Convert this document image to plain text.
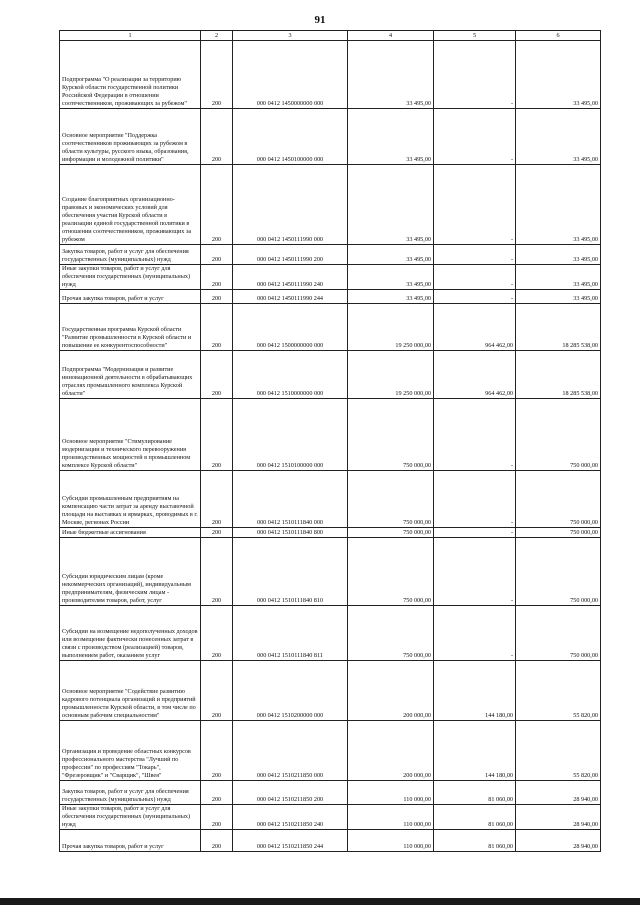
91
1	2	3	4	5	6
Подпрограмма "О реализации за территорию Курской области государственной политики Российской Федерации в отношении соотечественников, проживающих за рубежом"	200	000 0412 1450000000 000	33 495,00	-	33 495,00
Основное мероприятие "Поддержка соотечественников проживающих за рубежом в области культуры, русского языка, образования, информации и молодежной политики"	200	000 0412 1450100000 000	33 495,00	-	33 495,00
Создание благоприятных организационно-правовых и экономических условий для обеспечения участия Курской области в реализации единой государственной политики в отношении соотечественников, проживающих за рубежом	200	000 0412 1450111990 000	33 495,00	-	33 495,00
Закупка товаров, работ и услуг для обеспечения государственных (муниципальных) нужд	200	000 0412 1450111990 200	33 495,00	-	33 495,00
Иные закупки товаров, работ и услуг для обеспечения государственных (муниципальных) нужд	200	000 0412 1450111990 240	33 495,00	-	33 495,00
Прочая закупка товаров, работ и услуг	200	000 0412 1450111990 244	33 495,00	-	33 495,00
Государственная программа Курской области "Развитие промышленности в Курской области и повышение ее конкурентоспособности"	200	000 0412 1500000000 000	19 250 000,00	964 462,00	18 285 538,00
Подпрограмма "Модернизация и развитие инновационной деятельности в обрабатывающих отраслях промышленного комплекса Курской области"	200	000 0412 1510000000 000	19 250 000,00	964 462,00	18 285 538,00
Основное мероприятие "Стимулирование модернизации и технического перевооружения производственных мощностей в промышленном комплексе Курской области"	200	000 0412 1510100000 000	750 000,00	-	750 000,00
Субсидии промышленным предприятиям на компенсацию части затрат за аренду выставочной площади на выставках и ярмарках, проводимых в г. Москве, регионах России	200	000 0412 1510111840 000	750 000,00	-	750 000,00
Иные бюджетные ассигнования	200	000 0412 1510111840 800	750 000,00	-	750 000,00
Субсидии юридическим лицам (кроме некоммерческих организаций), индивидуальным предпринимателям, физическим лицам - производителям товаров, работ, услуг	200	000 0412 1510111840 810	750 000,00	-	750 000,00
Субсидии на возмещение недополученных доходов или возмещение фактически понесенных затрат в связи с производством (реализацией) товаров, выполнением работ, оказанием услуг	200	000 0412 1510111840 811	750 000,00	-	750 000,00
Основное мероприятие "Содействие развитию кадрового потенциала организаций и предприятий промышленности Курской области, в том числе по основным рабочим специальностям"	200	000 0412 1510200000 000	200 000,00	144 180,00	55 820,00
Организация и проведение областных конкурсов профессионального мастерства "Лучший по профессии" по профессиям "Токарь", "Фрезеровщик" и "Сварщик", "Швея"	200	000 0412 1510211850 000	200 000,00	144 180,00	55 820,00
Закупка товаров, работ и услуг для обеспечения государственных (муниципальных) нужд	200	000 0412 1510211850 200	110 000,00	81 060,00	28 940,00
Иные закупки товаров, работ и услуг для обеспечения государственных (муниципальных) нужд	200	000 0412 1510211850 240	110 000,00	81 060,00	28 940,00
Прочая закупка товаров, работ и услуг	200	000 0412 1510211850 244	110 000,00	81 060,00	28 940,00
